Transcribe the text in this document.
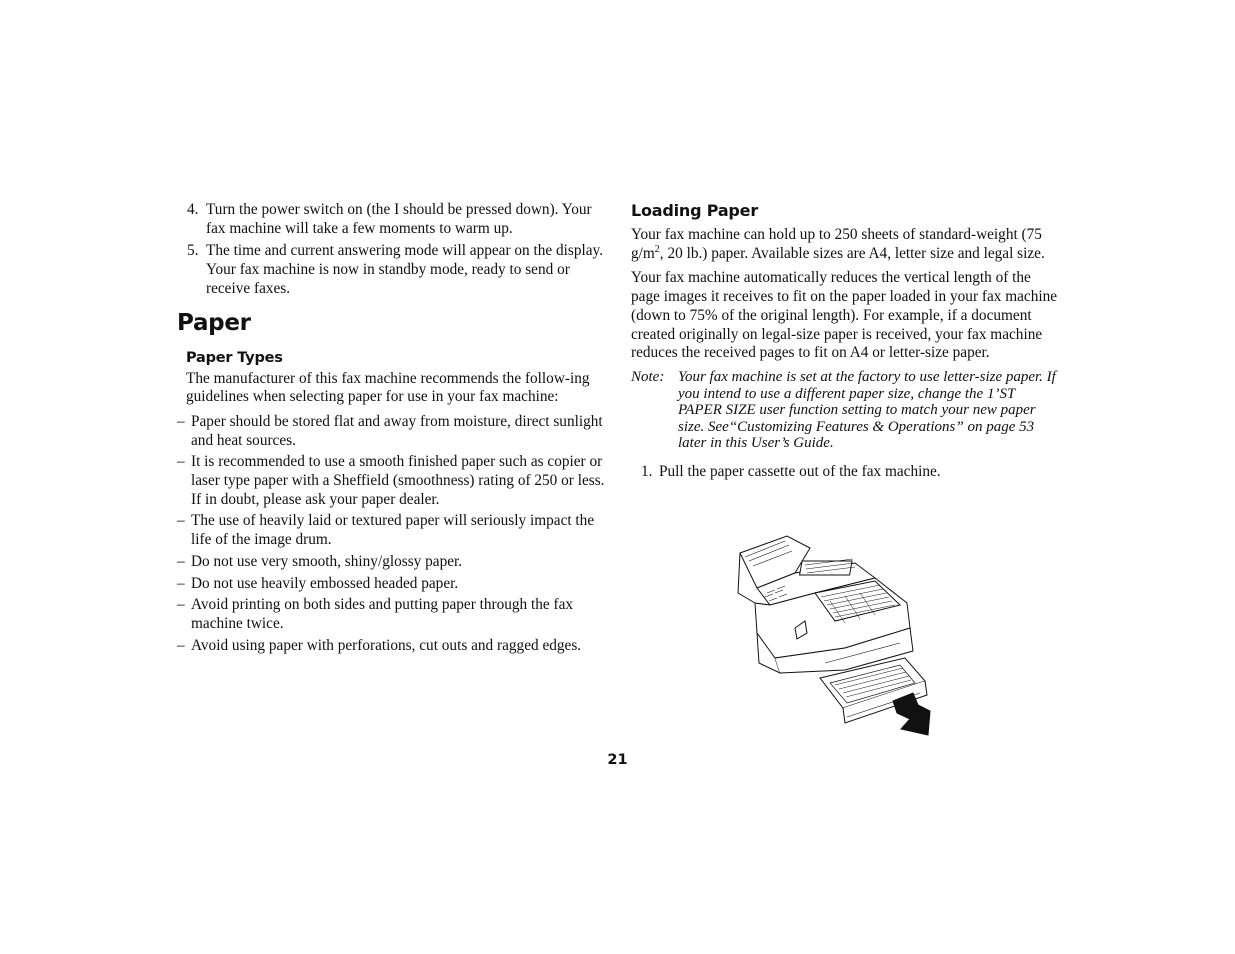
4. Turn the power switch on (the I should be pressed down). Your fax machine will take a few moments to warm up.
5. The time and current answering mode will appear on the display. Your fax machine is now in standby mode, ready to send or receive faxes.
Paper
Paper Types

The manufacturer of this fax machine recommends the follow-ing guidelines when selecting paper for use in your fax machine:

– Paper should be stored flat and away from moisture, direct sunlight and heat sources.
– It is recommended to use a smooth finished paper such as copier or laser type paper with a Sheffield (smoothness) rating of 250 or less. If in doubt, please ask your paper dealer.
– The use of heavily laid or textured paper will seriously impact the life of the image drum.
– Do not use very smooth, shiny/glossy paper.
– Do not use heavily embossed headed paper.
– Avoid printing on both sides and putting paper through the fax machine twice.
– Avoid using paper with perforations, cut outs and ragged edges.
Loading Paper

Your fax machine can hold up to 250 sheets of standard-weight (75 $g/m^2$, 20 lb.) paper. Available sizes are A4, letter size and legal size.

Your fax machine automatically reduces the vertical length of the page images it receives to fit on the paper loaded in your fax machine (down to 75% of the original length). For example, if a document created originally on legal-size paper is received, your fax machine reduces the received pages to fit on A4 or letter-size paper.

Note: Your fax machine is set at the factory to use letter-size paper. If you intend to use a different paper size, change the 1’ST PAPER SIZE user function setting to match your new paper size. See“Customizing Features & Operations” on page 53 later in this User’s Guide.
1. Pull the paper cassette out of the fax machine.
21
